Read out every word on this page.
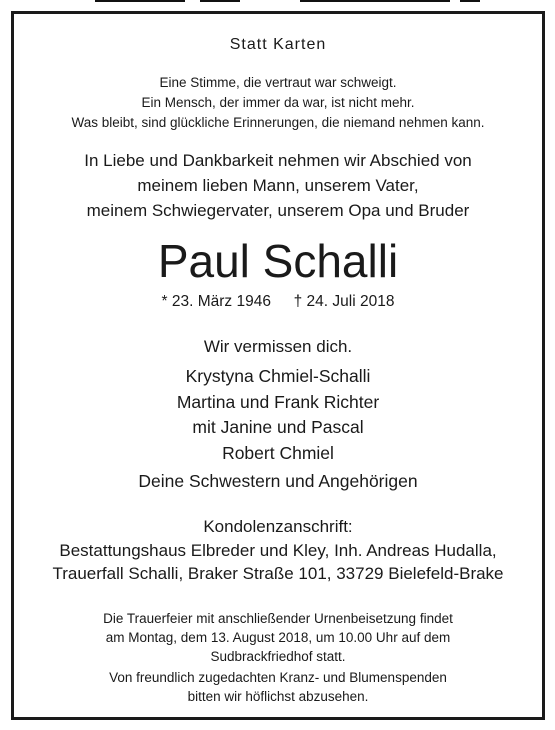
Statt Karten
Eine Stimme, die vertraut war schweigt.
Ein Mensch, der immer da war, ist nicht mehr.
Was bleibt, sind glückliche Erinnerungen, die niemand nehmen kann.
In Liebe und Dankbarkeit nehmen wir Abschied von
meinem lieben Mann, unserem Vater,
meinem Schwiegervater, unserem Opa und Bruder
Paul Schalli
* 23. März 1946 † 24. Juli 2018
Wir vermissen dich.
Krystyna Chmiel-Schalli
Martina und Frank Richter
mit Janine und Pascal
Robert Chmiel
Deine Schwestern und Angehörigen
Kondolenzanschrift:
Bestattungshaus Elbreder und Kley, Inh. Andreas Hudalla,
Trauerfall Schalli, Braker Straße 101, 33729 Bielefeld-Brake
Die Trauerfeier mit anschließender Urnenbeisetzung findet
am Montag, dem 13. August 2018, um 10.00 Uhr auf dem
Sudbrackfriedhof statt.
Von freundlich zugedachten Kranz- und Blumenspenden
bitten wir höflichst abzusehen.
